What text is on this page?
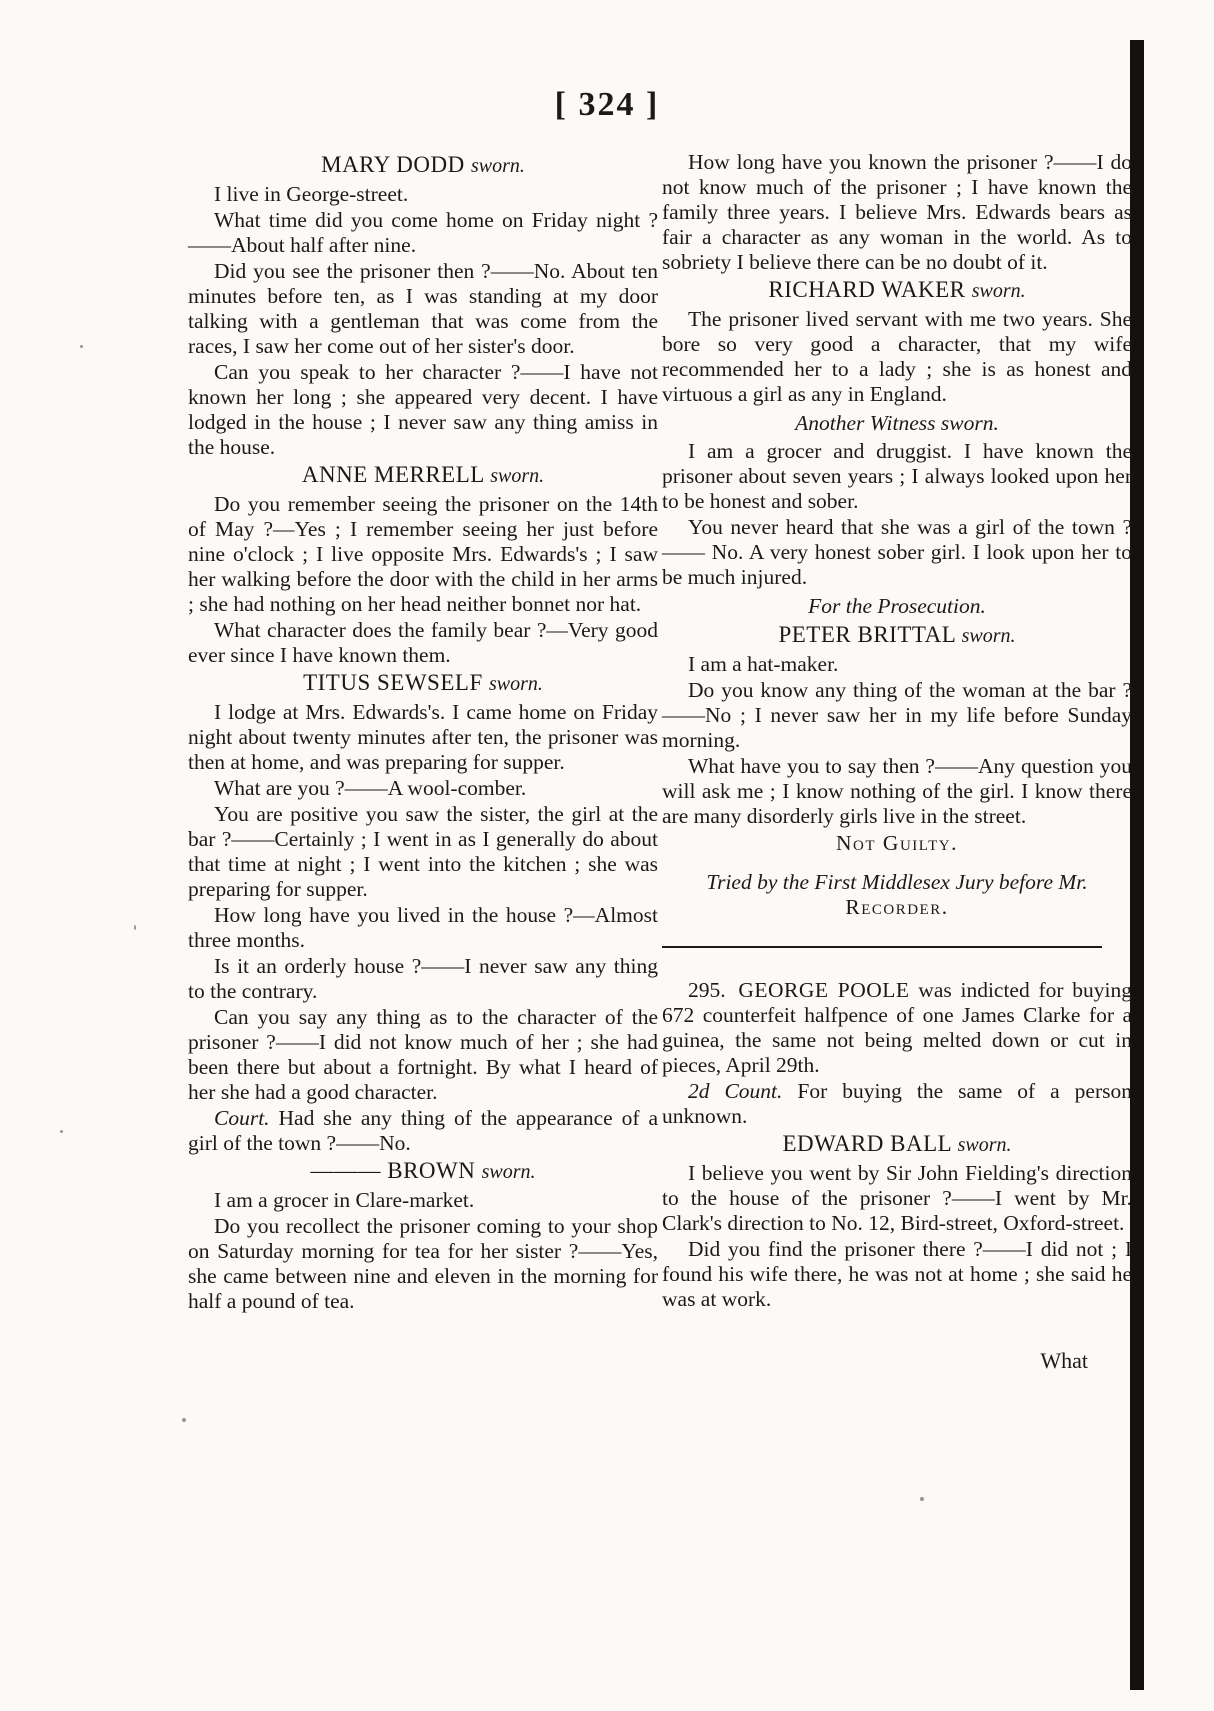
[ 324 ]
MARY DODD sworn.

I live in George-street.

What time did you come home on Friday night ?——About half after nine.

Did you see the prisoner then ?——No. About ten minutes before ten, as I was standing at my door talking with a gentleman that was come from the races, I saw her come out of her sister's door.

Can you speak to her character ?——I have not known her long ; she appeared very decent. I have lodged in the house ; I never saw any thing amiss in the house.

ANNE MERRELL sworn.

Do you remember seeing the prisoner on the 14th of May ?—Yes ; I remember seeing her just before nine o'clock ; I live opposite Mrs. Edwards's ; I saw her walking before the door with the child in her arms ; she had nothing on her head neither bonnet nor hat.

What character does the family bear ?—Very good ever since I have known them.

TITUS SEWSELF sworn.

I lodge at Mrs. Edwards's. I came home on Friday night about twenty minutes after ten, the prisoner was then at home, and was preparing for supper.

What are you ?——A wool-comber.

You are positive you saw the sister, the girl at the bar ?——Certainly ; I went in as I generally do about that time at night ; I went into the kitchen ; she was preparing for supper.

How long have you lived in the house ?—Almost three months.

Is it an orderly house ?——I never saw any thing to the contrary.

Can you say any thing as to the character of the prisoner ?——I did not know much of her ; she had been there but about a fortnight. By what I heard of her she had a good character.

Court. Had she any thing of the appearance of a girl of the town ?——No.

——— BROWN sworn.

I am a grocer in Clare-market.

Do you recollect the prisoner coming to your shop on Saturday morning for tea for her sister ?——Yes, she came between nine and eleven in the morning for half a pound of tea.

How long have you known the prisoner ?——I do not know much of the prisoner ; I have known the family three years. I believe Mrs. Edwards bears as fair a character as any woman in the world. As to sobriety I believe there can be no doubt of it.

RICHARD WAKER sworn.

The prisoner lived servant with me two years. She bore so very good a character, that my wife recommended her to a lady ; she is as honest and virtuous a girl as any in England.

Another Witness sworn.

I am a grocer and druggist. I have known the prisoner about seven years ; I always looked upon her to be honest and sober.

You never heard that she was a girl of the town ? —— No. A very honest sober girl. I look upon her to be much injured.

For the Prosecution.
PETER BRITTAL sworn.

I am a hat-maker.

Do you know any thing of the woman at the bar ?——No ; I never saw her in my life before Sunday morning.

What have you to say then ?——Any question you will ask me ; I know nothing of the girl. I know there are many disorderly girls live in the street.

Not Guilty.
Tried by the First Middlesex Jury before Mr.
Recorder.

295. GEORGE POOLE was indicted for buying 672 counterfeit halfpence of one James Clarke for a guinea, the same not being melted down or cut in pieces, April 29th.

2d Count. For buying the same of a person unknown.

EDWARD BALL sworn.

I believe you went by Sir John Fielding's direction to the house of the prisoner ?——I went by Mr. Clark's direction to No. 12, Bird-street, Oxford-street.

Did you find the prisoner there ?——I did not ; I found his wife there, he was not at home ; she said he was at work.

What
